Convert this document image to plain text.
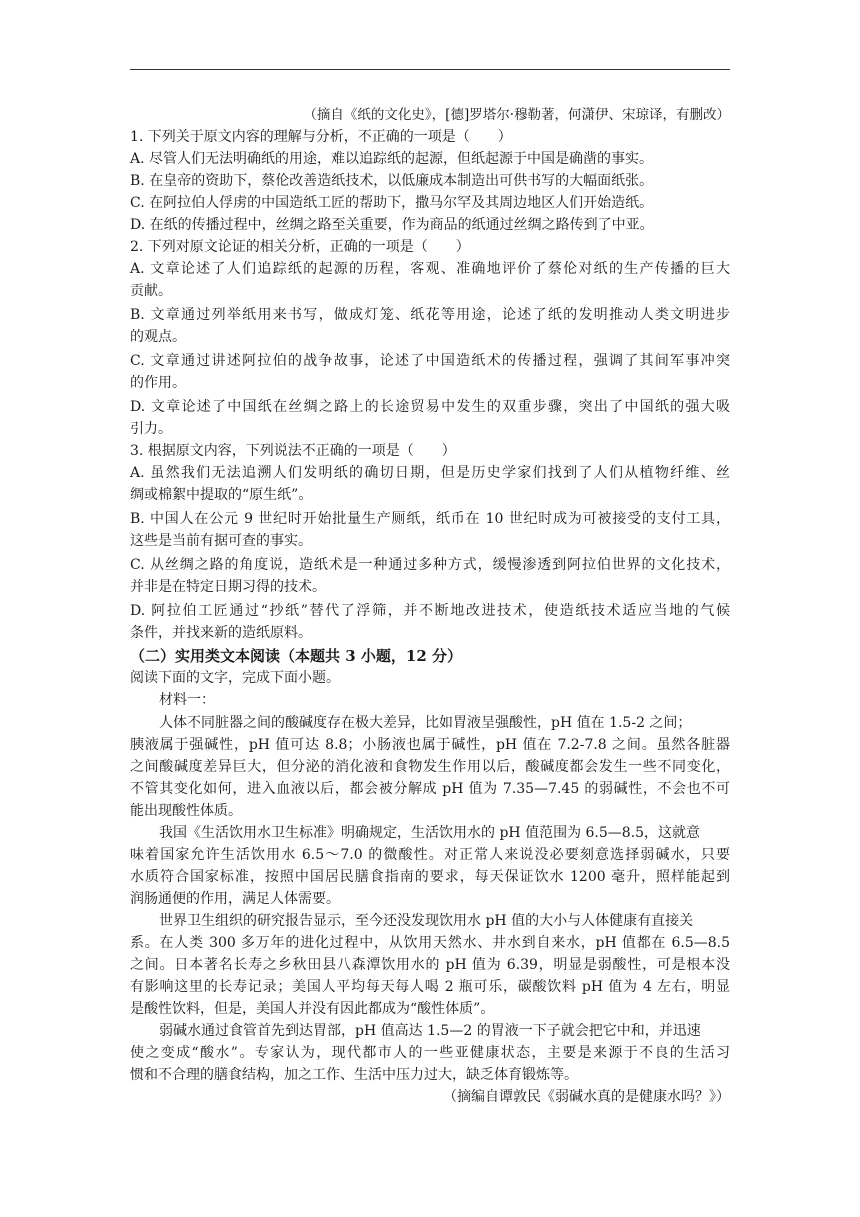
（摘自《纸的文化史》，[德]罗塔尔·穆勒著，何潇伊、宋琼译，有删改）

1. 下列关于原文内容的理解与分析，不正确的一项是（　　）

A. 尽管人们无法明确纸的用途，难以追踪纸的起源，但纸起源于中国是确凿的事实。

B. 在皇帝的资助下，蔡伦改善造纸技术，以低廉成本制造出可供书写的大幅面纸张。

C. 在阿拉伯人俘虏的中国造纸工匠的帮助下，撒马尔罕及其周边地区人们开始造纸。

D. 在纸的传播过程中，丝绸之路至关重要，作为商品的纸通过丝绸之路传到了中亚。

2. 下列对原文论证的相关分析，正确的一项是（　　）

A. 文章论述了人们追踪纸的起源的历程，客观、准确地评价了蔡伦对纸的生产传播的巨大

贡献。

B. 文章通过列举纸用来书写，做成灯笼、纸花等用途，论述了纸的发明推动人类文明进步

的观点。

C. 文章通过讲述阿拉伯的战争故事，论述了中国造纸术的传播过程，强调了其间军事冲突

的作用。

D. 文章论述了中国纸在丝绸之路上的长途贸易中发生的双重步骤，突出了中国纸的强大吸

引力。

3. 根据原文内容，下列说法不正确的一项是（　　）

A. 虽然我们无法追溯人们发明纸的确切日期，但是历史学家们找到了人们从植物纤维、丝

绸或棉絮中提取的“原生纸”。

B. 中国人在公元 9 世纪时开始批量生产厕纸，纸币在 10 世纪时成为可被接受的支付工具，

这些是当前有据可查的事实。

C. 从丝绸之路的角度说，造纸术是一种通过多种方式，缓慢渗透到阿拉伯世界的文化技术，

并非是在特定日期习得的技术。

D. 阿拉伯工匠通过“抄纸”替代了浮筛，并不断地改进技术，使造纸技术适应当地的气候

条件，并找来新的造纸原料。

（二）实用类文本阅读（本题共 3 小题，12 分）

阅读下面的文字，完成下面小题。

材料一：

人体不同脏器之间的酸碱度存在极大差异，比如胃液呈强酸性，pH 值在 1.5-2 之间；

胰液属于强碱性，pH 值可达 8.8；小肠液也属于碱性，pH 值在 7.2-7.8 之间。虽然各脏器

之间酸碱度差异巨大，但分泌的消化液和食物发生作用以后，酸碱度都会发生一些不同变化，

不管其变化如何，进入血液以后，都会被分解成 pH 值为 7.35—7.45 的弱碱性，不会也不可

能出现酸性体质。

我国《生活饮用水卫生标准》明确规定，生活饮用水的 pH 值范围为 6.5—8.5，这就意

味着国家允许生活饮用水 6.5～7.0 的微酸性。对正常人来说没必要刻意选择弱碱水，只要

水质符合国家标准，按照中国居民膳食指南的要求，每天保证饮水 1200 毫升，照样能起到

润肠通便的作用，满足人体需要。

世界卫生组织的研究报告显示，至今还没发现饮用水 pH 值的大小与人体健康有直接关

系。在人类 300 多万年的进化过程中，从饮用天然水、井水到自来水，pH 值都在 6.5—8.5

之间。日本著名长寿之乡秋田县八森潭饮用水的 pH 值为 6.39，明显是弱酸性，可是根本没

有影响这里的长寿记录；美国人平均每天每人喝 2 瓶可乐，碳酸饮料 pH 值为 4 左右，明显

是酸性饮料，但是，美国人并没有因此都成为“酸性体质”。

弱碱水通过食管首先到达胃部，pH 值高达 1.5—2 的胃液一下子就会把它中和，并迅速

使之变成“酸水”。专家认为，现代都市人的一些亚健康状态，主要是来源于不良的生活习

惯和不合理的膳食结构，加之工作、生活中压力过大，缺乏体育锻炼等。

（摘编自谭敦民《弱碱水真的是健康水吗？》）
